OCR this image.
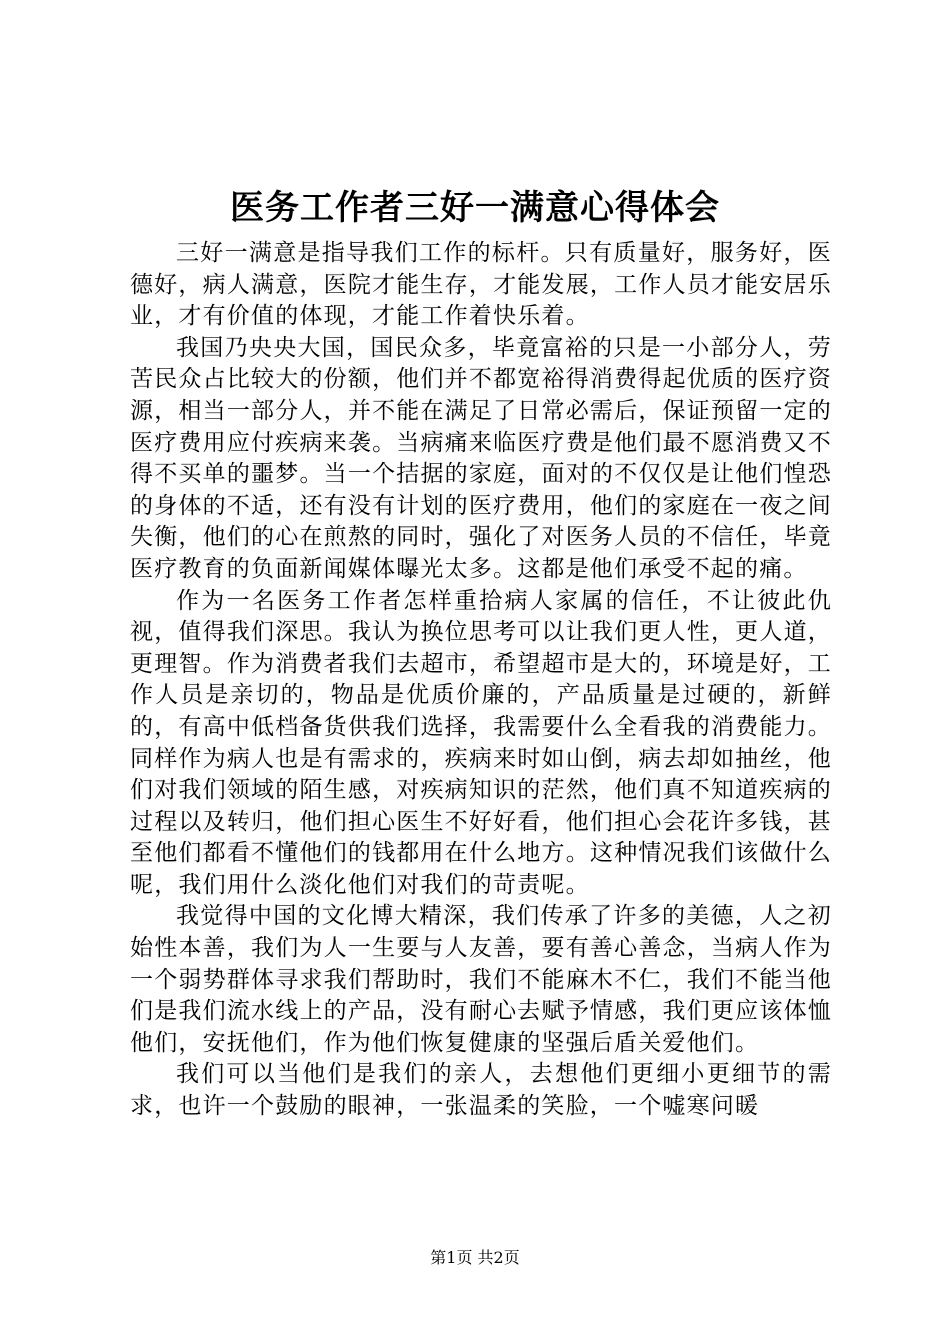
医务工作者三好一满意心得体会

三好一满意是指导我们工作的标杆。只有质量好，服务好，医德好，病人满意，医院才能生存，才能发展，工作人员才能安居乐业，才有价值的体现，才能工作着快乐着。

我国乃央央大国，国民众多，毕竟富裕的只是一小部分人，劳苦民众占比较大的份额，他们并不都宽裕得消费得起优质的医疗资源，相当一部分人，并不能在满足了日常必需后，保证预留一定的医疗费用应付疾病来袭。当病痛来临医疗费是他们最不愿消费又不得不买单的噩梦。当一个拮据的家庭，面对的不仅仅是让他们惶恐的身体的不适，还有没有计划的医疗费用，他们的家庭在一夜之间失衡，他们的心在煎熬的同时，强化了对医务人员的不信任，毕竟医疗教育的负面新闻媒体曝光太多。这都是他们承受不起的痛。

作为一名医务工作者怎样重拾病人家属的信任，不让彼此仇视，值得我们深思。我认为换位思考可以让我们更人性，更人道，更理智。作为消费者我们去超市，希望超市是大的，环境是好，工作人员是亲切的，物品是优质价廉的，产品质量是过硬的，新鲜的，有高中低档备货供我们选择，我需要什么全看我的消费能力。同样作为病人也是有需求的，疾病来时如山倒，病去却如抽丝，他们对我们领域的陌生感，对疾病知识的茫然，他们真不知道疾病的过程以及转归，他们担心医生不好好看，他们担心会花许多钱，甚至他们都看不懂他们的钱都用在什么地方。这种情况我们该做什么呢，我们用什么淡化他们对我们的苛责呢。

我觉得中国的文化博大精深，我们传承了许多的美德，人之初始性本善，我们为人一生要与人友善，要有善心善念，当病人作为一个弱势群体寻求我们帮助时，我们不能麻木不仁，我们不能当他们是我们流水线上的产品，没有耐心去赋予情感，我们更应该体恤他们，安抚他们，作为他们恢复健康的坚强后盾关爱他们。

我们可以当他们是我们的亲人，去想他们更细小更细节的需求，也许一个鼓励的眼神，一张温柔的笑脸，一个嘘寒问暖

第1页 共2页
